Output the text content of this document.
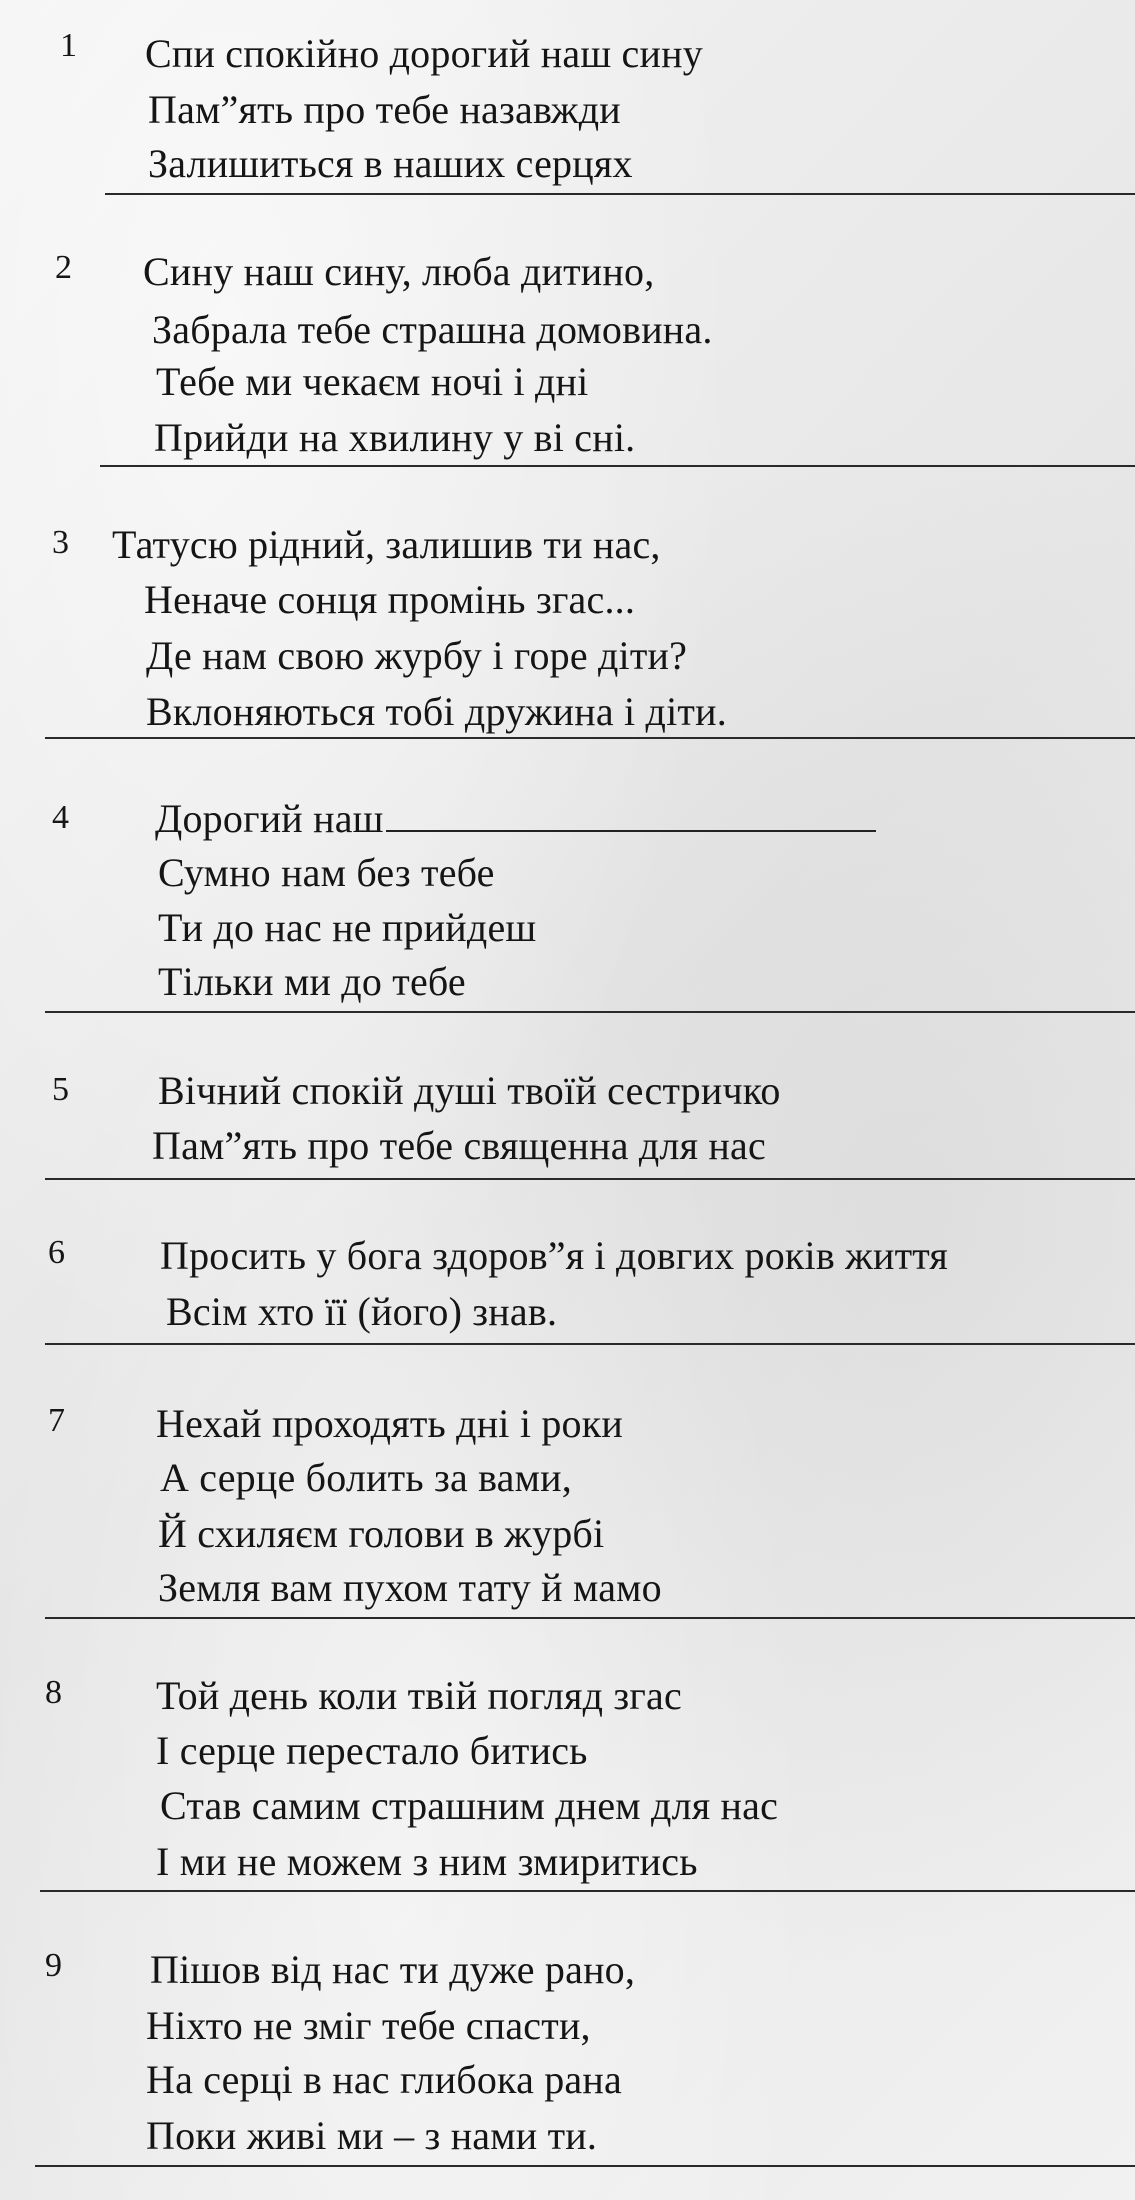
1 Спи спокійно дорогий наш сину
Пам”ять про тебе назавжди
Залишиться в наших серцях
2 Сину наш сину, люба дитино,
Забрала тебе страшна домовина.
Тебе ми чекаєм ночі і дні
Прийди на хвилину у ві сні.
3 Татусю рідний, залишив ти нас,
Неначе сонця промінь згас...
Де нам свою журбу і горе діти?
Вклоняються тобі дружина і діти.
4 Дорогий наш
Сумно нам без тебе
Ти до нас не прийдеш
Тільки ми до тебе
5 Вічний спокій душі твоїй сестричко
Пам”ять про тебе священна для нас
6 Просить у бога здоров”я і довгих років життя
Всім хто її (його) знав.
7 Нехай проходять дні і роки
А серце болить за вами,
Й схиляєм голови в журбі
Земля вам пухом тату й мамо
8 Той день коли твій погляд згас
І серце перестало битись
Став самим страшним днем для нас
І ми не можем з ним змиритись
9 Пішов від нас ти дуже рано,
Ніхто не зміг тебе спасти,
На серці в нас глибока рана
Поки живі ми – з нами ти.
